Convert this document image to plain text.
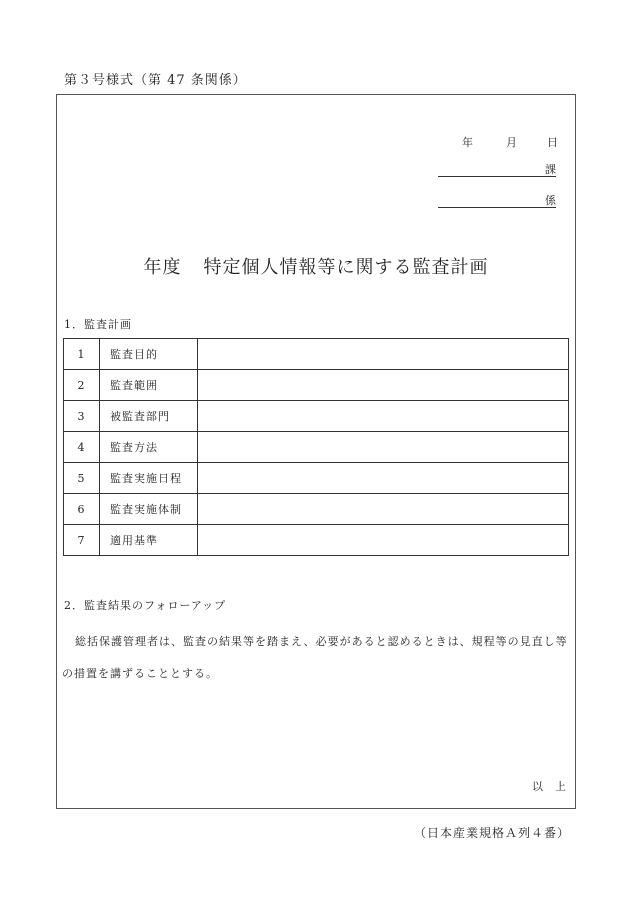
第３号様式（第 47 条関係）
年	月	日
課
係
年度 特定個人情報等に関する監査計画
1．監査計画
1	監査目的	
2	監査範囲	
3	被監査部門	
4	監査方法	
5	監査実施日程	
6	監査実施体制	
7	適用基準	
2．監査結果のフォローアップ
総括保護管理者は、監査の結果等を踏まえ、必要があると認めるときは、規程等の見直し等の措置を講ずることとする。
以上
（日本産業規格Ａ列４番）
